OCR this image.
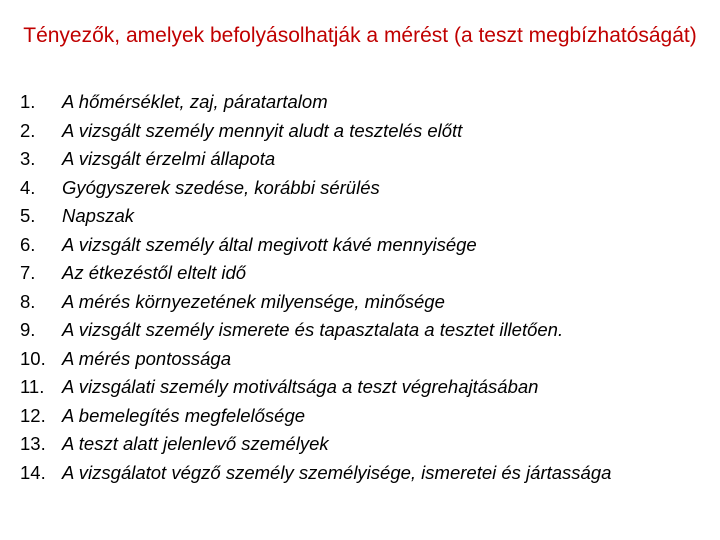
Tényezők, amelyek befolyásolhatják a mérést (a teszt megbízhatóságát)
1.	A hőmérséklet, zaj, páratartalom
2.	A vizsgált személy mennyit aludt a tesztelés előtt
3.	A vizsgált érzelmi állapota
4.	Gyógyszerek szedése, korábbi sérülés
5.	Napszak
6.	A vizsgált személy által megivott kávé mennyisége
7.	Az étkezéstől eltelt idő
8.	A mérés környezetének milyensége, minősége
9.	A vizsgált személy ismerete és tapasztalata a tesztet illetően.
10. A mérés pontossága
11. A vizsgálati személy motiváltsága a teszt végrehajtásában
12. A bemelegítés megfelelősége
13. A teszt alatt jelenlevő személyek
14. A vizsgálatot végző személy személyisége, ismeretei és jártassága
